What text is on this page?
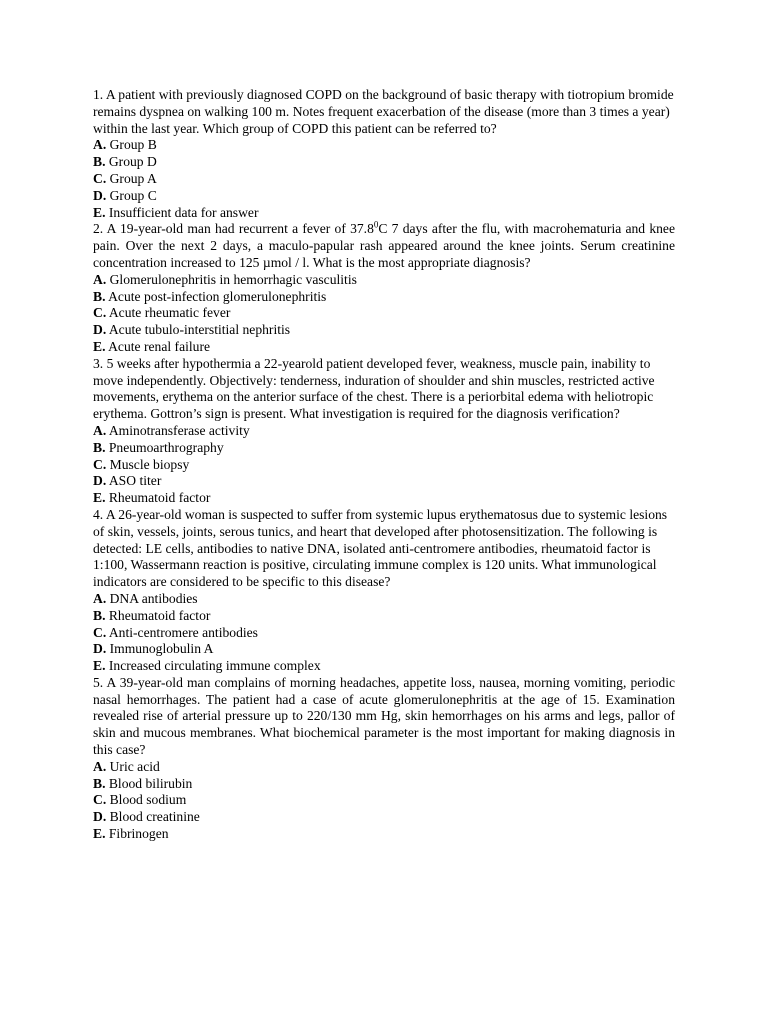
1. A patient with previously diagnosed COPD on the background of basic therapy with tiotropium bromide remains dyspnea on walking 100 m. Notes frequent exacerbation of the disease (more than 3 times a year) within the last year. Which group of COPD this patient can be referred to?

A. Group B

B. Group D

C. Group A

D. Group C

E. Insufficient data for answer

2. A 19-year-old man had recurrent a fever of 37.8$^0$C 7 days after the flu, with macrohematuria and knee pain. Over the next 2 days, a maculo-papular rash appeared around the knee joints. Serum creatinine concentration increased to 125 µmol / l. What is the most appropriate diagnosis?

A. Glomerulonephritis in hemorrhagic vasculitis

B. Acute post-infection glomerulonephritis

C. Acute rheumatic fever

D. Acute tubulo-interstitial nephritis

E. Acute renal failure

3. 5 weeks after hypothermia a 22-yearold patient developed fever, weakness, muscle pain, inability to move independently. Objectively: tenderness, induration of shoulder and shin muscles, restricted active movements, erythema on the anterior surface of the chest. There is a periorbital edema with heliotropic erythema. Gottron’s sign is present. What investigation is required for the diagnosis verification?

A. Aminotransferase activity

B. Pneumoarthrography

C. Muscle biopsy

D. ASO titer

E. Rheumatoid factor

4. A 26-year-old woman is suspected to suffer from systemic lupus erythematosus due to systemic lesions of skin, vessels, joints, serous tunics, and heart that developed after photosensitization. The following is detected: LE cells, antibodies to native DNA, isolated anti-centromere antibodies, rheumatoid factor is 1:100, Wassermann reaction is positive, circulating immune complex is 120 units. What immunological indicators are considered to be specific to this disease?

A. DNA antibodies

B. Rheumatoid factor

C. Anti-centromere antibodies

D. Immunoglobulin A

E. Increased circulating immune complex

5. A 39-year-old man complains of morning headaches, appetite loss, nausea, morning vomiting, periodic nasal hemorrhages. The patient had a case of acute glomerulonephritis at the age of 15. Examination revealed rise of arterial pressure up to 220/130 mm Hg, skin hemorrhages on his arms and legs, pallor of skin and mucous membranes. What biochemical parameter is the most important for making diagnosis in this case?

A. Uric acid

B. Blood bilirubin

C. Blood sodium

D. Blood creatinine

E. Fibrinogen
